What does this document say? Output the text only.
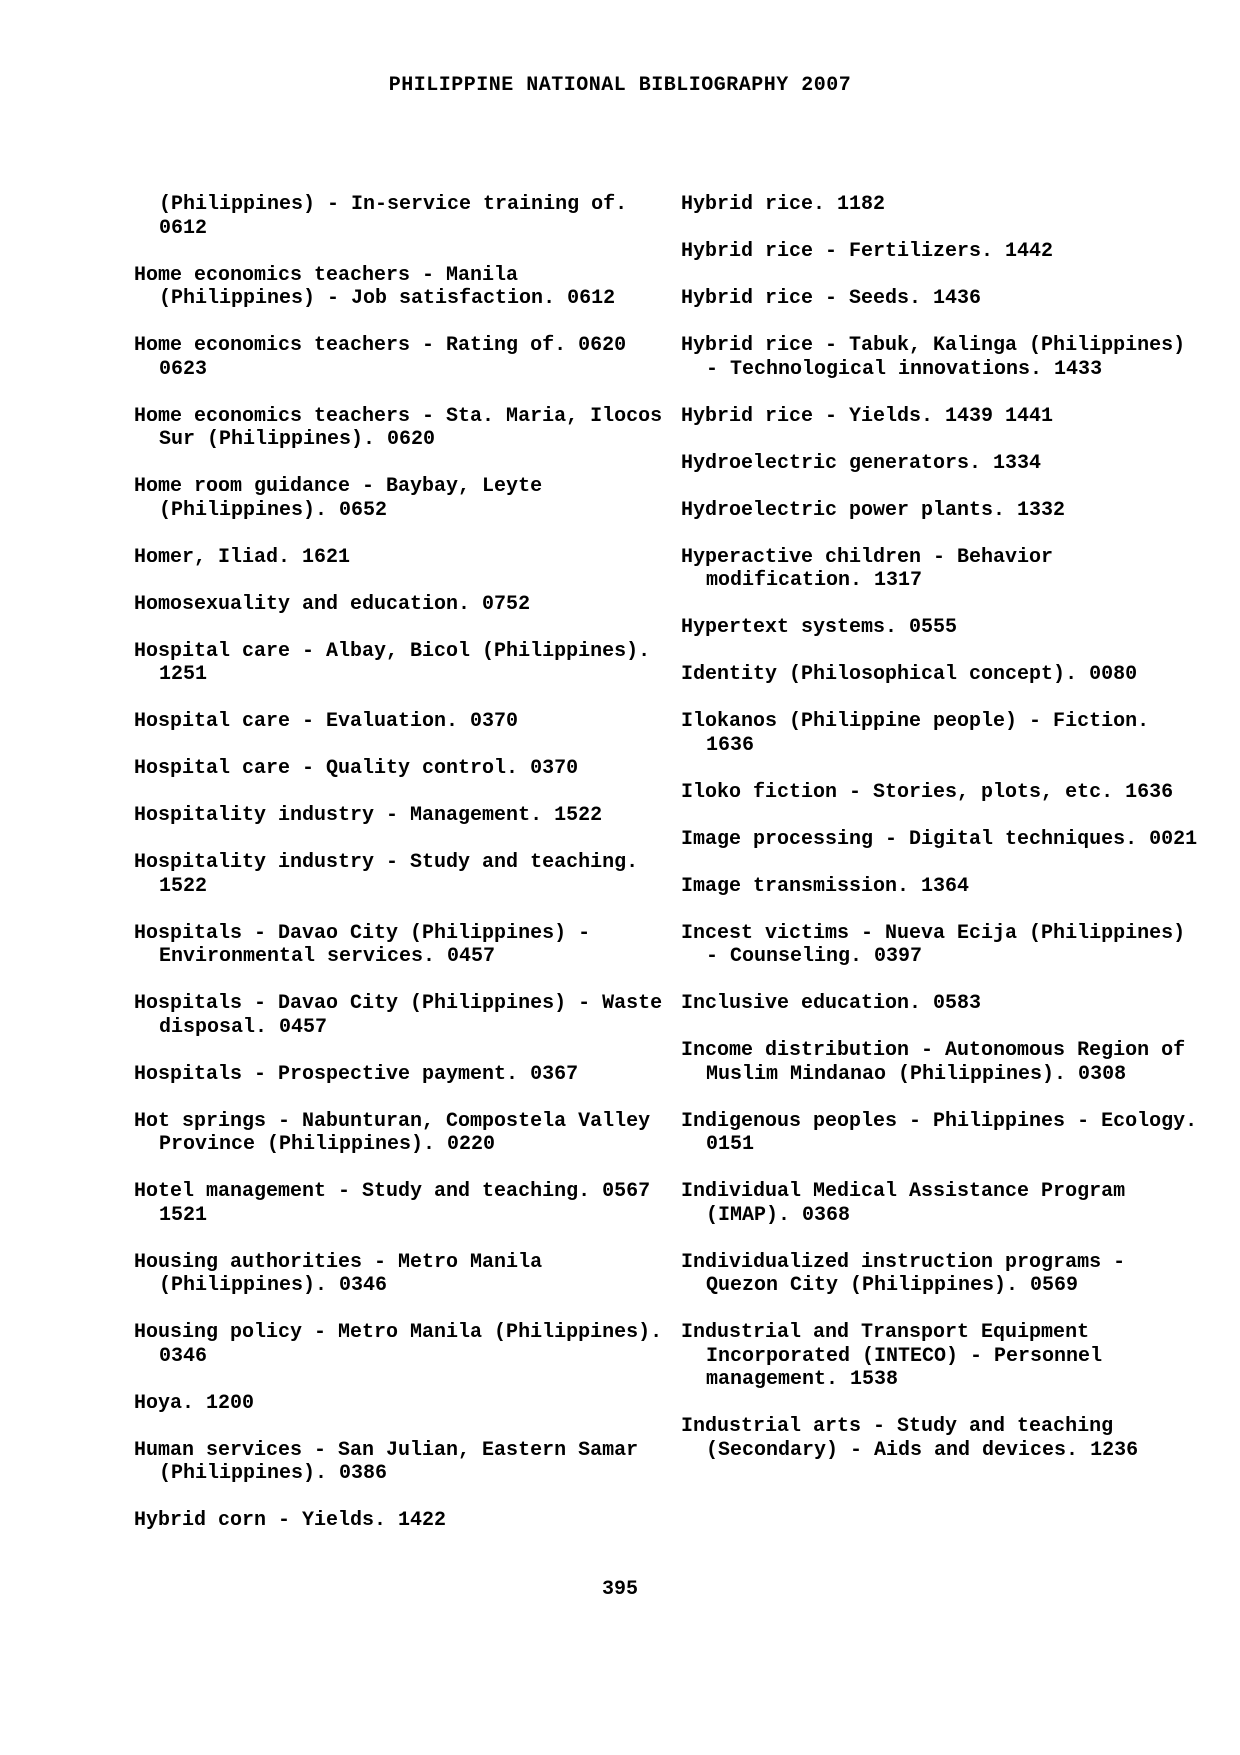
PHILIPPINE NATIONAL BIBLIOGRAPHY 2007
(Philippines) - In-service training of. 0612
Home economics teachers - Manila (Philippines) - Job satisfaction. 0612
Home economics teachers - Rating of. 0620 0623
Home economics teachers - Sta. Maria, Ilocos Sur (Philippines). 0620
Home room guidance - Baybay, Leyte (Philippines). 0652
Homer, Iliad. 1621
Homosexuality and education. 0752
Hospital care - Albay, Bicol (Philippines). 1251
Hospital care - Evaluation. 0370
Hospital care - Quality control. 0370
Hospitality industry - Management. 1522
Hospitality industry - Study and teaching. 1522
Hospitals - Davao City (Philippines) - Environmental services. 0457
Hospitals - Davao City (Philippines) - Waste disposal. 0457
Hospitals - Prospective payment. 0367
Hot springs - Nabunturan, Compostela Valley Province (Philippines). 0220
Hotel management - Study and teaching. 0567 1521
Housing authorities - Metro Manila (Philippines). 0346
Housing policy - Metro Manila (Philippines). 0346
Hoya. 1200
Human services - San Julian, Eastern Samar (Philippines). 0386
Hybrid corn - Yields. 1422
Hybrid rice. 1182
Hybrid rice - Fertilizers. 1442
Hybrid rice - Seeds. 1436
Hybrid rice - Tabuk, Kalinga (Philippines) - Technological innovations. 1433
Hybrid rice - Yields. 1439 1441
Hydroelectric generators. 1334
Hydroelectric power plants. 1332
Hyperactive children - Behavior modification. 1317
Hypertext systems. 0555
Identity (Philosophical concept). 0080
Ilokanos (Philippine people) - Fiction. 1636
Iloko fiction - Stories, plots, etc. 1636
Image processing - Digital techniques. 0021
Image transmission. 1364
Incest victims - Nueva Ecija (Philippines) - Counseling. 0397
Inclusive education. 0583
Income distribution - Autonomous Region of Muslim Mindanao (Philippines). 0308
Indigenous peoples - Philippines - Ecology. 0151
Individual Medical Assistance Program (IMAP). 0368
Individualized instruction programs - Quezon City (Philippines). 0569
Industrial and Transport Equipment Incorporated (INTECO) - Personnel management. 1538
Industrial arts - Study and teaching (Secondary) - Aids and devices. 1236
395
